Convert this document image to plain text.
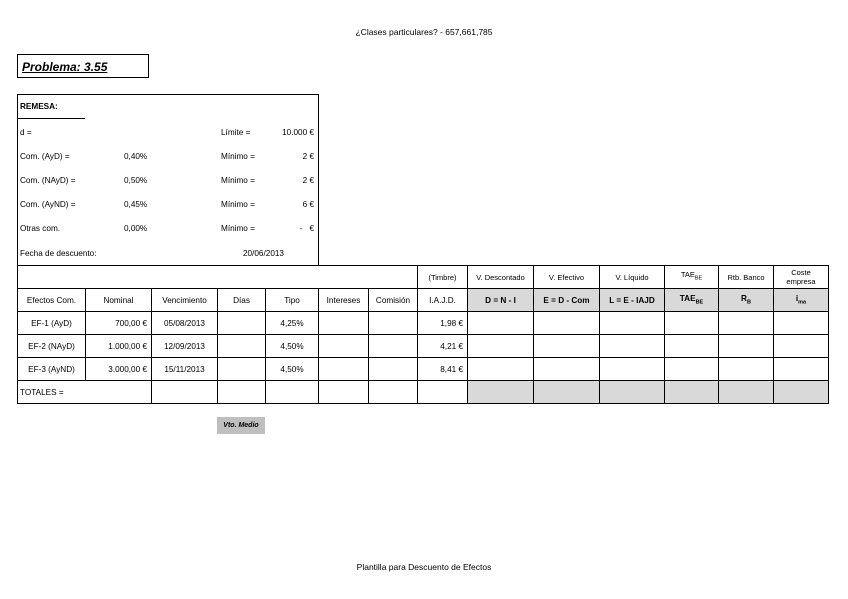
¿Clases particulares? - 657,661,785
Problema: 3.55
REMESA:
d =	Límite =	10.000 €
Com. (AyD) =	0,40%	Mínimo =	2 €
Com. (NAyD) =	0,50%	Mínimo =	2 €
Com. (AyND) =	0,45%	Mínimo =	6 €
Otras com.	0,00%	Mínimo =	-   €
Fecha de descuento:	20/06/2013
							(Timbre)	V. Descontado	V. Efectivo	V. Líquido	$TAE_{BE}$	Rtb. Banco	Coste empresa
Efectos Com.	Nominal	Vencimiento	Días	Tipo	Intereses	Comisión	I.A.J.D.	D = N - I	E = D - Com	L = E - IAJD	$TAE_{BE}$	$R_B$	$i_{ma}$
EF-1 (AyD)	700,00 €	05/08/2013		4,25%			1,98 €						
EF-2 (NAyD)	1.000,00 €	12/09/2013		4,50%			4,21 €						
EF-3 (AyND)	3.000,00 €	15/11/2013		4,50%			8,41 €						
TOTALES =													
Vto. Medio
Plantilla para Descuento de Efectos
